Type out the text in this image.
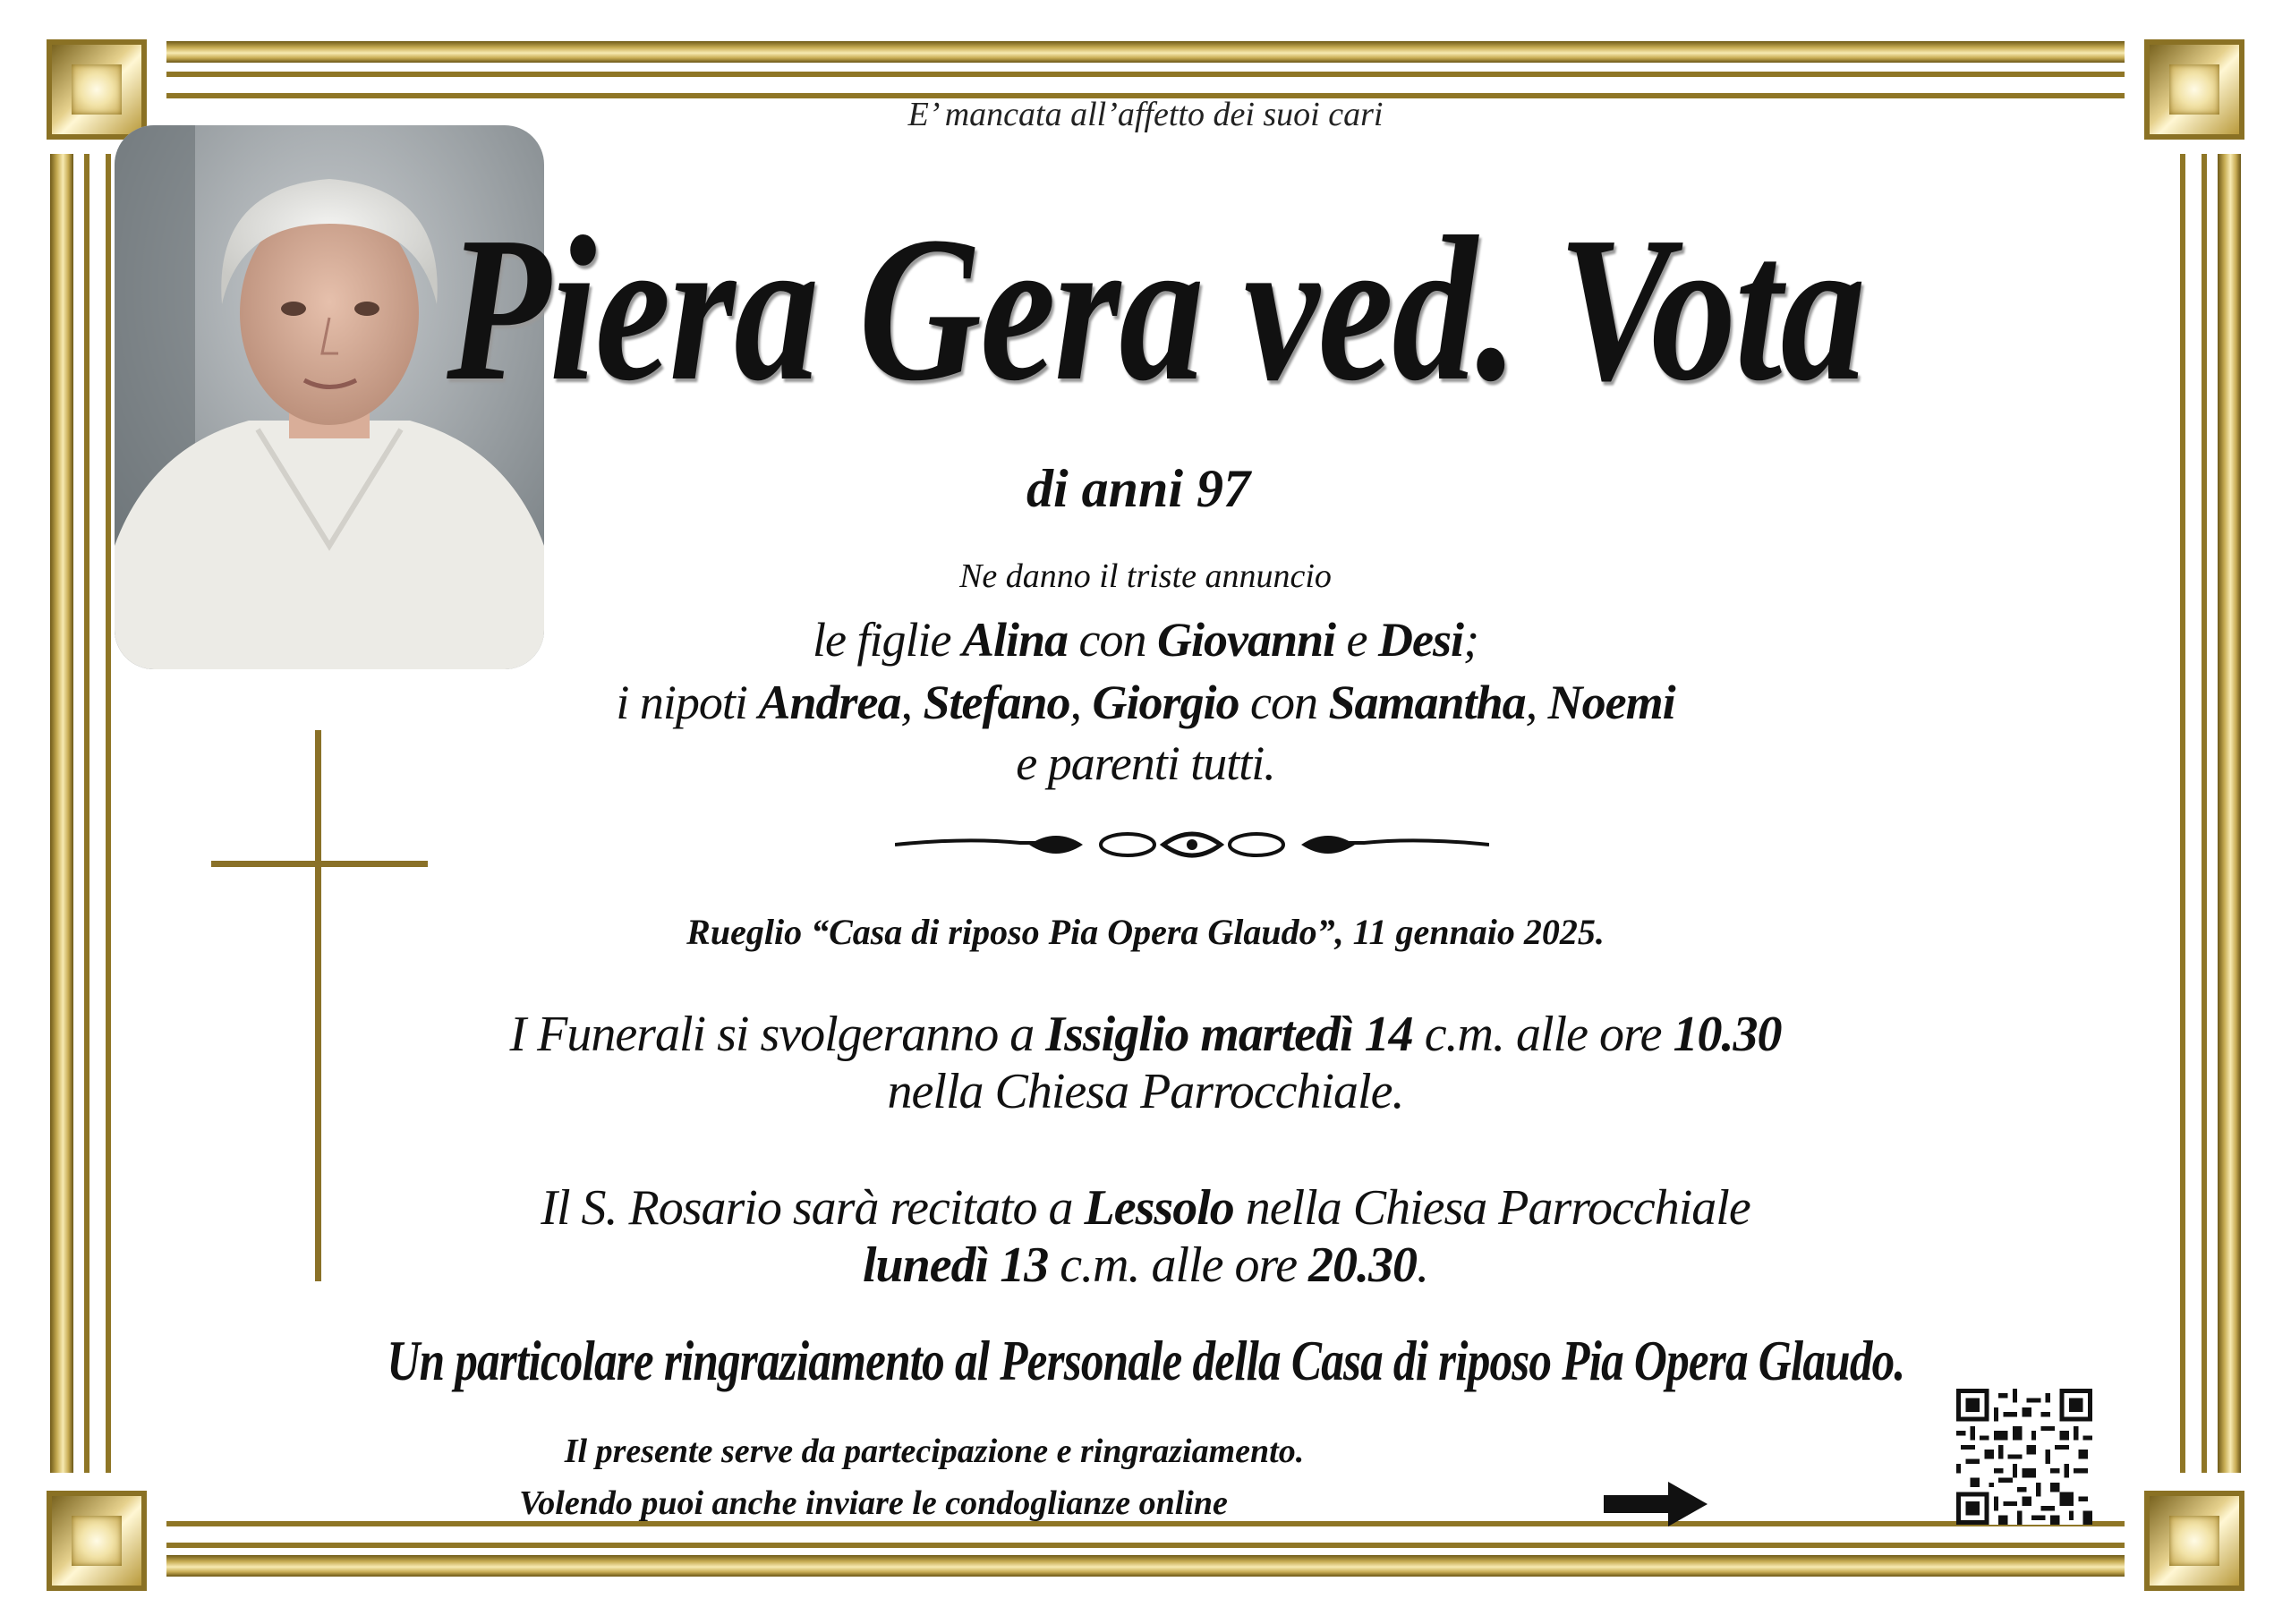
E’ mancata all’affetto dei suoi cari
Piera Gera ved. Vota
di anni 97
Ne danno il triste annuncio
le figlie Alina con Giovanni e Desi;
i nipoti Andrea, Stefano, Giorgio con Samantha, Noemi
e parenti tutti.
Rueglio “Casa di riposo Pia Opera Glaudo”, 11 gennaio 2025.
I Funerali si svolgeranno a Issiglio martedì 14 c.m. alle ore 10.30
nella Chiesa Parrocchiale.
Il S. Rosario sarà recitato a Lessolo nella Chiesa Parrocchiale
lunedì 13 c.m. alle ore 20.30.
Un particolare ringraziamento al Personale della Casa di riposo Pia Opera Glaudo.
Il presente serve da partecipazione e ringraziamento.
Volendo puoi anche inviare le condoglianze online
